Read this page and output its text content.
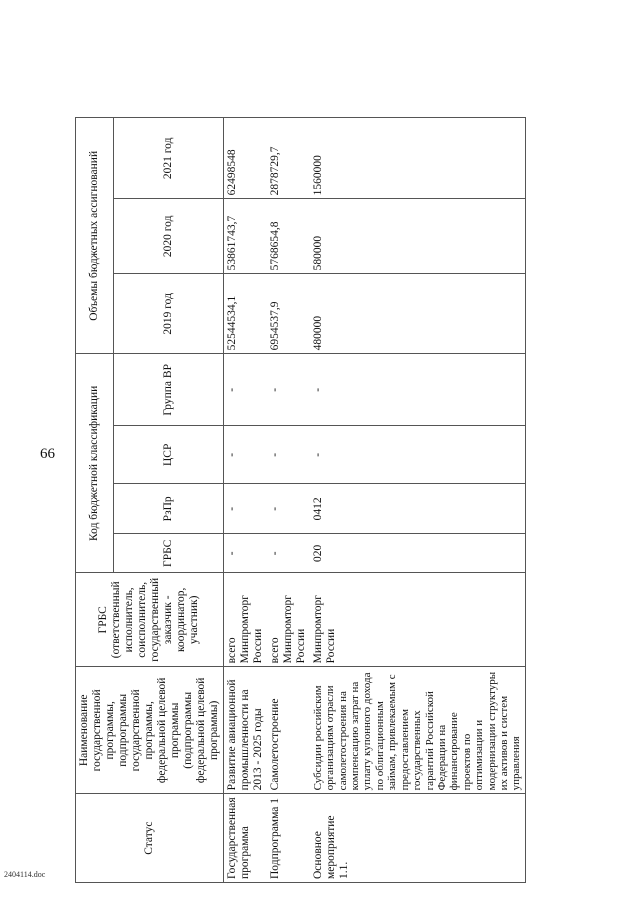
66
2404114.doc
Статус	Наименование государственной программы, подпрограммы государственной программы, федеральной целевой программы (подпрограммы федеральной целевой программы)	ГРБС (ответственный исполнитель, соисполнитель, государственный заказчик - координатор, участник)	Код бюджетной классификации				Объемы бюджетных ассигнований		
			ГРБС	РзПр	ЦСР	Группа ВР	2019 год	2020 год	2021 год
Государственная программа	Развитие авиационной промышленности на 2013 - 2025 годы	всего Минпромторг России	-	-	-	-	52544534,1	53861743,7	62498548
Подпрограмма 1	Самолетостроение	всего Минпромторг России	-	-	-	-	6954537,9	5768654,8	2878729,7
Основное мероприятие 1.1.	Субсидии российским организациям отрасли самолетостроения на компенсацию затрат на уплату купонного дохода по облигационным займам, привлекаемым с предоставлением государственных гарантий Российской Федерации на финансирование проектов по оптимизации и модернизации структуры их активов и систем управления	Минпромторг России	020	0412	-	-	480000	580000	1560000
